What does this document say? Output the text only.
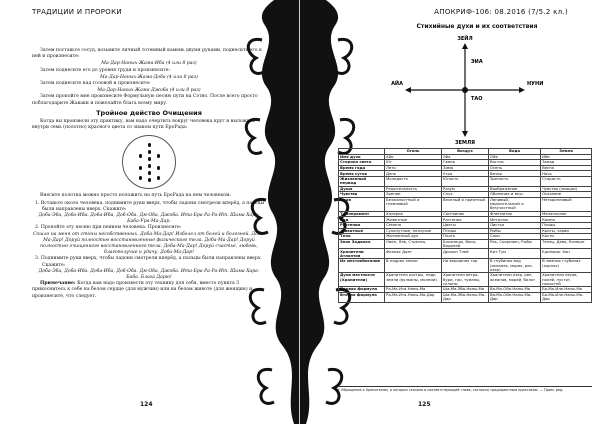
ТРАДИЦИИ И ПРОРОКИ
Затем поставьте сосуд, возьмите личный тотемный камень двумя руками, поднесите его к ней и произнесите:
Ма-Дар-Наных-Жама-Иба (4 или 8 раз)
Затем поднесите его до уровня груди и произнесите:
Ма-Дар-Наных-Жама-Доба (4 или 8 раз)
Затем поднесите над головой и произнесите:
Ма-Дар-Наных-Жама-Джоба (4 или 8 раз)
Затем пропойте мне произнесите Формульную песню пути на Сотво. После всего просто поблагодарите Жаваки и пожелайте блага всему миру.
Тройное действо Очищения
Когда вы произвели эту практику, вам надо очертить вокруг человека круг и выложить внутри семь (полотно) красного цвета со знаком пути ЕроРада:
Внесите полотна можно просто положить на путь ЕроРада на нем человеком.
1. Встаньте около человека, поднимите руки вверх, чтобы ладони смотрели вперёд, а пальцы были направлены вверх. Скажите:
Доба-Эба, Доба-Иба. Доба-Иба, Доб-Оба. Дм-Оба, Джоба. Ита-Бра-Ра-Ра-Ит. Шама-Хара-Баба-Ура-Ма-Дар.
2. Пропойте эту песню при пением человека. Произнесите:
Сошло на меня от стоны несобственных. Доба-Ма-Дар! Изболел от болей и болезней. Доба-Ма-Дар! Доруй полностью восстановленные физического тела. Доба-Ма-Дар! Доруй полностью очищенного восстановленного тела. Доба-Ма-Дар! Доруй счастье, любовь, благополучие и удачу. Доба-Ма-Дар!
3. Поднимите руки вверх, чтобы ладони смотрели вперёд, а пальцы были направлены вверх. Скажите:
Доба-Эба, Доба-Иба. Доба-Иба, Доб-Оба. Дм-Оба, Джоба. Ита-Бра-Ра-Ра-Ит. Шама-Хара-Баба. Блага Дарю!
Примечание: Когда вам надо произвести эту технику для себя, вместо пункта 3 прикоснитесь к себе на белом сердце (для мужчин) или на белом животе (для женщин) и произнесите, что следует.
124
АПОКРИФ-106: 08.2016 (7/5.2 кл.)
Стихийные духи и их соответствия
ЗЕЙЛ
ЭИА
АЙА	НУНИ
ТАО
ЗЕМЛЯ
	Огонь	Воздух	Вода	Земля
Имя духа	Айо	Эйа	Ойе	Ийе
Сторона света	Юг	Север	Восток	Запад
Время года	Лето	Зима	Осень	Весна
Время суток	День	Утро	Вечер	Ночь
Жизненный период	Молодость	Юность	Зрелость	Старость
Душа	Решительность	Разум	Воображение	Чувство (эмоции)
Чувства	Зрение	Слух	Обоняние и вкус	Осязание
Нрав	Безжалостный и гневливый	Веселый и приятный	Ленивый, медлительный и безучастный	Неторопливый
Темперамент	Холерик	Сангвиник	Флегматик	Меланхолик
Род	Животные	Растения	Металлы	Камни
Растения	Семена	Цветы	Листья	Плоды
Животные	Сухопутные, ползучие	Птицы	Рыбы	Кроты, черви
Тело	Жизненный дух	Плоть	Соки	Кости
Знак Зодиака	Овен, Лев, Стрелец	Близнецы, Весы, Водолей	Рак, Скорпион, Рыбы	Телец, Дева, Козерог
Хранители Атлантов	Феникс Дает	Дракон Тлей	Кит Тум	Единорог Хан
Их местообитание	В недрах земли	На вершинах гор	В глубинах вод (океанах, морях, рек, озер)	В земных глубинах (корнях)
Духи местности (Хранители)	Хранители костры, недр земли (вулканы, молнии)	Хранители ветра, бури, гор, туманы, склоны	Хранители озер, рек, океанов, морей, болот	Хранители лесов, полей, пустот, полостей
Первая формула	Ра-Ма-Ита-Наны-Ма	Ша-Ма-Эба-Наны-Ма	Ва-Ма-Ойе-Наны-Ма	Ба-Ма-Иле-Наны-Ма
Вторая формула	Ра-Ма-Ита-Наны-Ма-Дар	Ша-Ма-Эба-Наны-Ма-Дар	Ва-Ма-Ойе-Наны-Ма-Дар	Ба-Ма-Иле-Наны-Ма-Дар
* Обращение к Хранителям, о которых сказано в соответствующей главе, согласно традиционным практикам. — Прим. ред.
125
